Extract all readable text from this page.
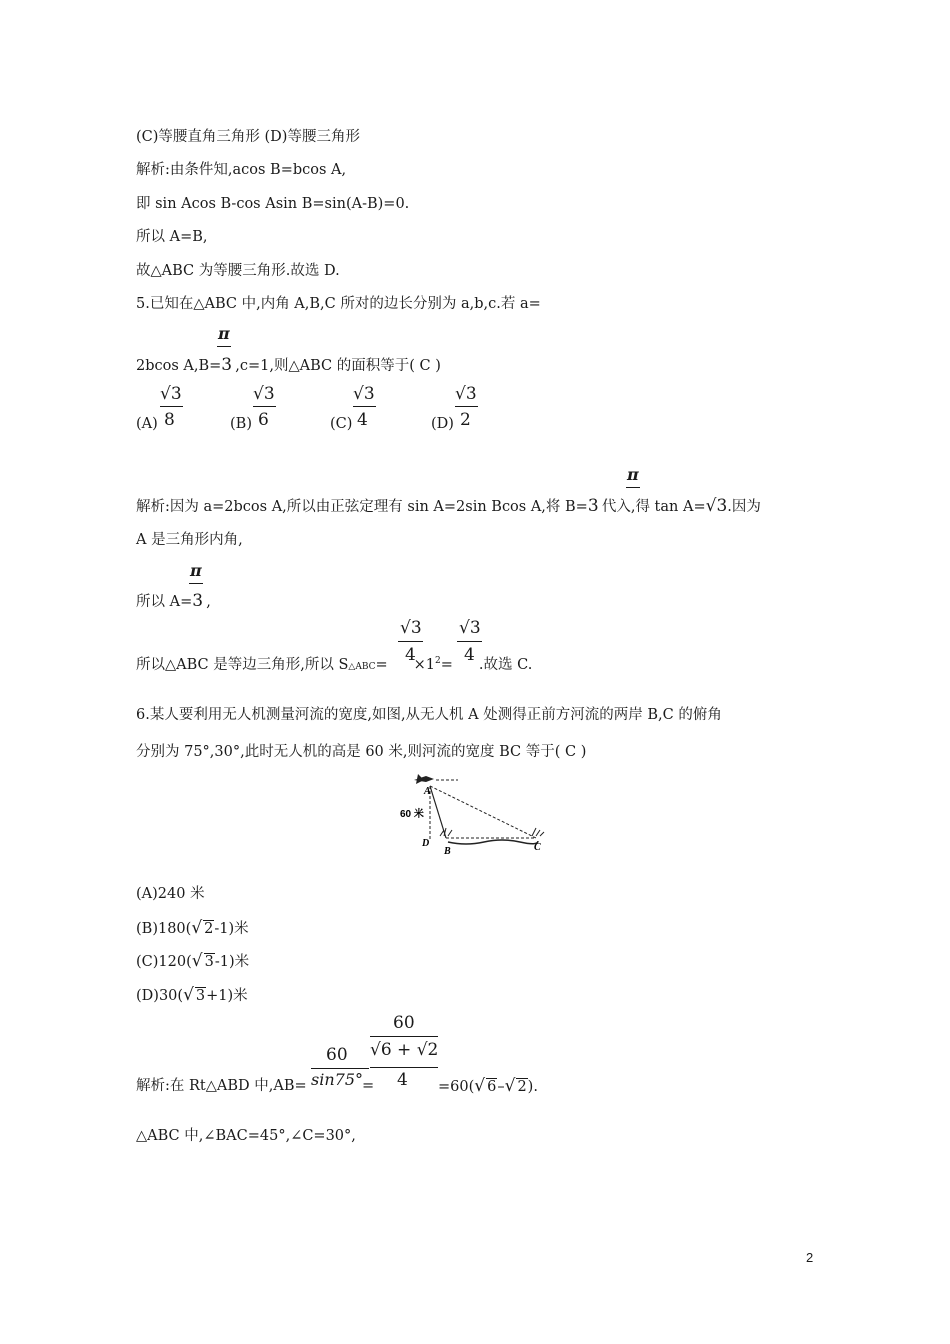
(C)等腰直角三角形 (D)等腰三角形
解析:由条件知,acos B=bcos A,
即 sin Acos B-cos Asin B=sin(A-B)=0.
所以 A=B,
故△ABC 为等腰三角形.故选 D.
5.已知在△ABC 中,内角 A,B,C 所对的边长分别为 a,b,c.若 a=
π
2bcos A,B=3 ,c=1,则△ABC 的面积等于( C )
(A)
√3
8	(B)
√3
6	(C)
√3
4	(D)
√3
2
π
解析:因为 a=2bcos A,所以由正弦定理有 sin A=2sin Bcos A,将 B=3 代入,得 tan A=√3.因为
A 是三角形内角,
π
所以 A=3 ,
√3
4
√3
4
所以△ABC 是等边三角形,所以 S△ABC= $\times 1^2=$ .故选 C.
6.某人要利用无人机测量河流的宽度,如图,从无人机 A 处测得正前方河流的两岸 B,C 的俯角
分别为 75°,30°,此时无人机的高是 60 米,则河流的宽度 BC 等于( C )
60 米
A
D
B	C
(A)240 米
(B)180(√ 2-1)米
(C)120(√ 3-1)米
(D)30(√ 3+1)米
60
sin75°
60
√6 + √2
4
解析:在 Rt△ABD 中,AB=	=	=60(√ 6–√ 2).
△ABC 中,∠BAC=45°,∠C=30°,
2
